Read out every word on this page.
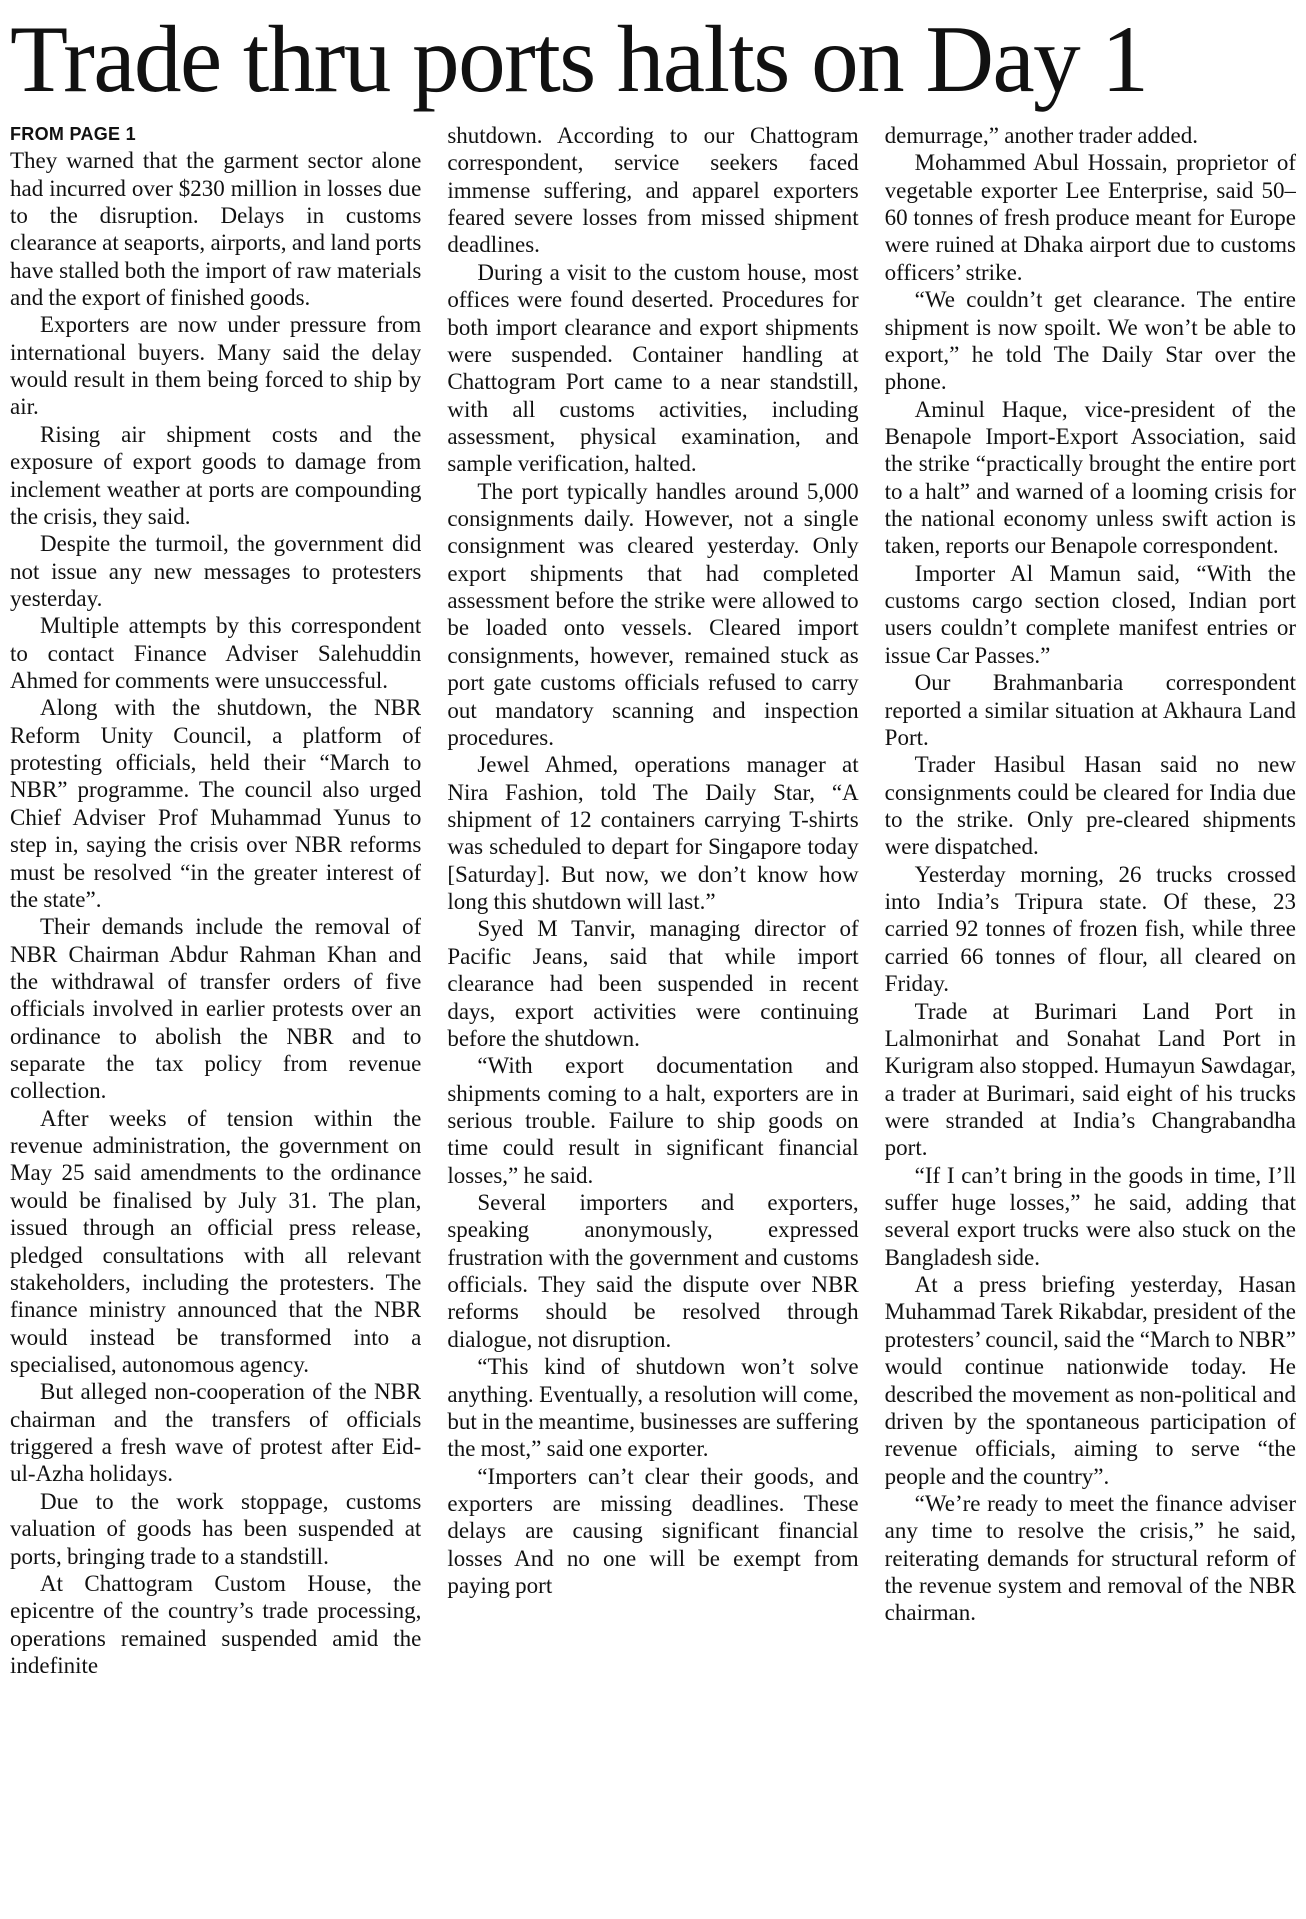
Trade thru ports halts on Day 1
FROM PAGE 1

They warned that the garment sector alone had incurred over $230 million in losses due to the disruption. Delays in customs clearance at seaports, airports, and land ports have stalled both the import of raw materials and the export of finished goods.

Exporters are now under pressure from international buyers. Many said the delay would result in them being forced to ship by air.

Rising air shipment costs and the exposure of export goods to damage from inclement weather at ports are compounding the crisis, they said.

Despite the turmoil, the government did not issue any new messages to protesters yesterday.

Multiple attempts by this correspondent to contact Finance Adviser Salehuddin Ahmed for comments were unsuccessful.

Along with the shutdown, the NBR Reform Unity Council, a platform of protesting officials, held their “March to NBR” programme. The council also urged Chief Adviser Prof Muhammad Yunus to step in, saying the crisis over NBR reforms must be resolved “in the greater interest of the state”.

Their demands include the removal of NBR Chairman Abdur Rahman Khan and the withdrawal of transfer orders of five officials involved in earlier protests over an ordinance to abolish the NBR and to separate the tax policy from revenue collection.

After weeks of tension within the revenue administration, the government on May 25 said amendments to the ordinance would be finalised by July 31. The plan, issued through an official press release, pledged consultations with all relevant stakeholders, including the protesters. The finance ministry announced that the NBR would instead be transformed into a specialised, autonomous agency.

But alleged non-cooperation of the NBR chairman and the transfers of officials triggered a fresh wave of protest after Eid-ul-Azha holidays.

Due to the work stoppage, customs valuation of goods has been suspended at ports, bringing trade to a standstill.

At Chattogram Custom House, the epicentre of the country’s trade processing, operations remained suspended amid the indefinite

shutdown. According to our Chattogram correspondent, service seekers faced immense suffering, and apparel exporters feared severe losses from missed shipment deadlines.

During a visit to the custom house, most offices were found deserted. Procedures for both import clearance and export shipments were suspended. Container handling at Chattogram Port came to a near standstill, with all customs activities, including assessment, physical examination, and sample verification, halted.

The port typically handles around 5,000 consignments daily. However, not a single consignment was cleared yesterday. Only export shipments that had completed assessment before the strike were allowed to be loaded onto vessels. Cleared import consignments, however, remained stuck as port gate customs officials refused to carry out mandatory scanning and inspection procedures.

Jewel Ahmed, operations manager at Nira Fashion, told The Daily Star, “A shipment of 12 containers carrying T-shirts was scheduled to depart for Singapore today [Saturday]. But now, we don’t know how long this shutdown will last.”

Syed M Tanvir, managing director of Pacific Jeans, said that while import clearance had been suspended in recent days, export activities were continuing before the shutdown.

“With export documentation and shipments coming to a halt, exporters are in serious trouble. Failure to ship goods on time could result in significant financial losses,” he said.

Several importers and exporters, speaking anonymously, expressed frustration with the government and customs officials. They said the dispute over NBR reforms should be resolved through dialogue, not disruption.

“This kind of shutdown won’t solve anything. Eventually, a resolution will come, but in the meantime, businesses are suffering the most,” said one exporter.

“Importers can’t clear their goods, and exporters are missing deadlines. These delays are causing significant financial losses And no one will be exempt from paying port

demurrage,” another trader added.

Mohammed Abul Hossain, proprietor of vegetable exporter Lee Enterprise, said 50–60 tonnes of fresh produce meant for Europe were ruined at Dhaka airport due to customs officers’ strike.

“We couldn’t get clearance. The entire shipment is now spoilt. We won’t be able to export,” he told The Daily Star over the phone.

Aminul Haque, vice-president of the Benapole Import-Export Association, said the strike “practically brought the entire port to a halt” and warned of a looming crisis for the national economy unless swift action is taken, reports our Benapole correspondent.

Importer Al Mamun said, “With the customs cargo section closed, Indian port users couldn’t complete manifest entries or issue Car Passes.”

Our Brahmanbaria correspondent reported a similar situation at Akhaura Land Port.

Trader Hasibul Hasan said no new consignments could be cleared for India due to the strike. Only pre-cleared shipments were dispatched.

Yesterday morning, 26 trucks crossed into India’s Tripura state. Of these, 23 carried 92 tonnes of frozen fish, while three carried 66 tonnes of flour, all cleared on Friday.

Trade at Burimari Land Port in Lalmonirhat and Sonahat Land Port in Kurigram also stopped. Humayun Sawdagar, a trader at Burimari, said eight of his trucks were stranded at India’s Changrabandha port.

“If I can’t bring in the goods in time, I’ll suffer huge losses,” he said, adding that several export trucks were also stuck on the Bangladesh side.

At a press briefing yesterday, Hasan Muhammad Tarek Rikabdar, president of the protesters’ council, said the “March to NBR” would continue nationwide today. He described the movement as non-political and driven by the spontaneous participation of revenue officials, aiming to serve “the people and the country”.

“We’re ready to meet the finance adviser any time to resolve the crisis,” he said, reiterating demands for structural reform of the revenue system and removal of the NBR chairman.
